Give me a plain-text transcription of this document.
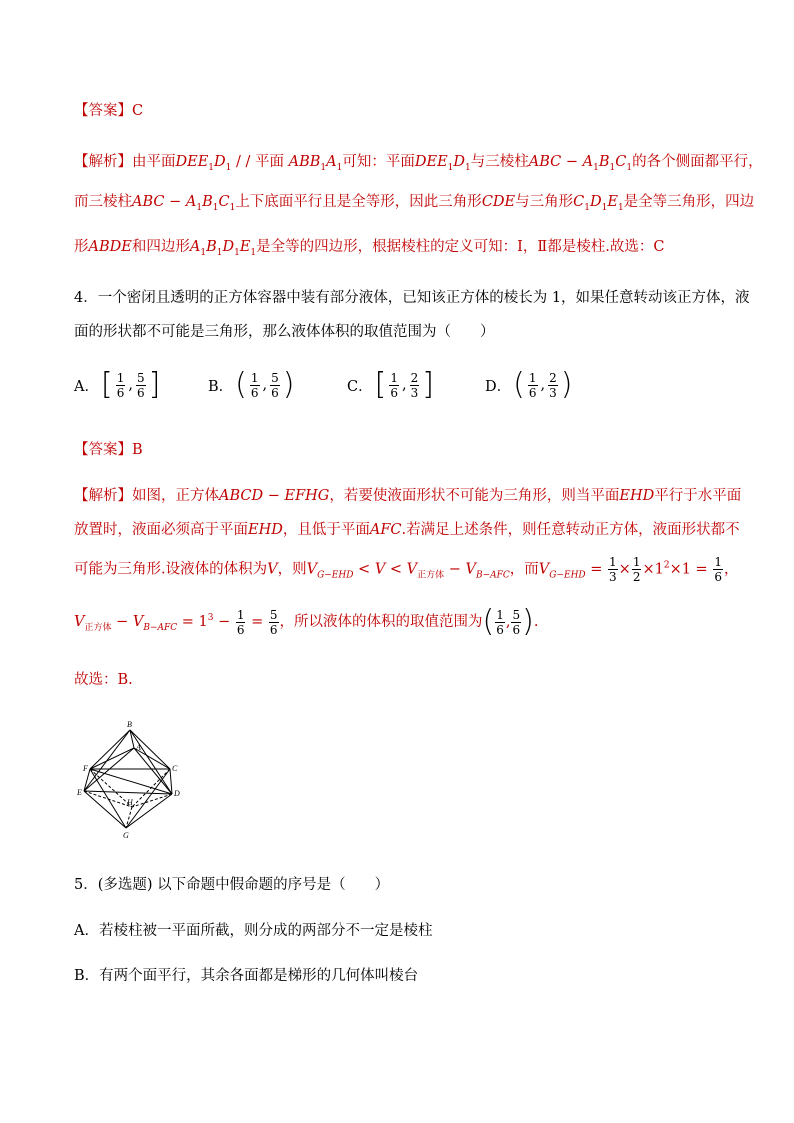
【答案】C
【解析】由平面$DEE_1D_1$ / / 平面 $ABB_1A_1$可知：平面$DEE_1D_1$与三棱柱ABC − $A_1B_1C_1$的各个侧面都平行，
而三棱柱ABC − $A_1B_1C_1$上下底面平行且是全等形，因此三角形CDE与三角形$C_1D_1E_1$是全等三角形，四边
形ABDE和四边形$A_1B_1D_1E_1$是全等的四边形，根据棱柱的定义可知：Ⅰ，Ⅱ都是棱柱.故选：C
4．一个密闭且透明的正方体容器中装有部分液体，已知该正方体的棱长为 1，如果任意转动该正方体，液
面的形状都不可能是三角形，那么液体体积的取值范围为（　　）
A． [ $\frac{1}{6}$ , $\frac{5}{6}$ ]	B． ( $\frac{1}{6}$ , $\frac{5}{6}$ )	C． [ $\frac{1}{6}$ , $\frac{2}{3}$ ]	D． ( $\frac{1}{6}$ , $\frac{2}{3}$ )
【答案】B
【解析】如图，正方体ABCD − EFHG，若要使液面形状不可能为三角形，则当平面EHD平行于水平面
放置时，液面必须高于平面EHD，且低于平面AFC.若满足上述条件，则任意转动正方体，液面形状都不
可能为三角形.设液体的体积为V，则$V_{G-EHD} < V < V_{正方体} - V_{B-AFC}$，而$V_{G-EHD} = \frac{1}{3} \times \frac{1}{2} \times 1^2\times 1 = \frac{1}{6}$ ，
$V_{正方体} - V_{B-AFC} = 1^3 - \frac{1}{6} = \frac{5}{6}$ ，所以液体的体积的取值范围为( $\frac{1}{6}$ , $\frac{5}{6}$ ).
故选：B.
B
A
F	C
E
H
D
G
5．(多选题) 以下命题中假命题的序号是（　　）
A．若棱柱被一平面所截，则分成的两部分不一定是棱柱
B．有两个面平行，其余各面都是梯形的几何体叫棱台
